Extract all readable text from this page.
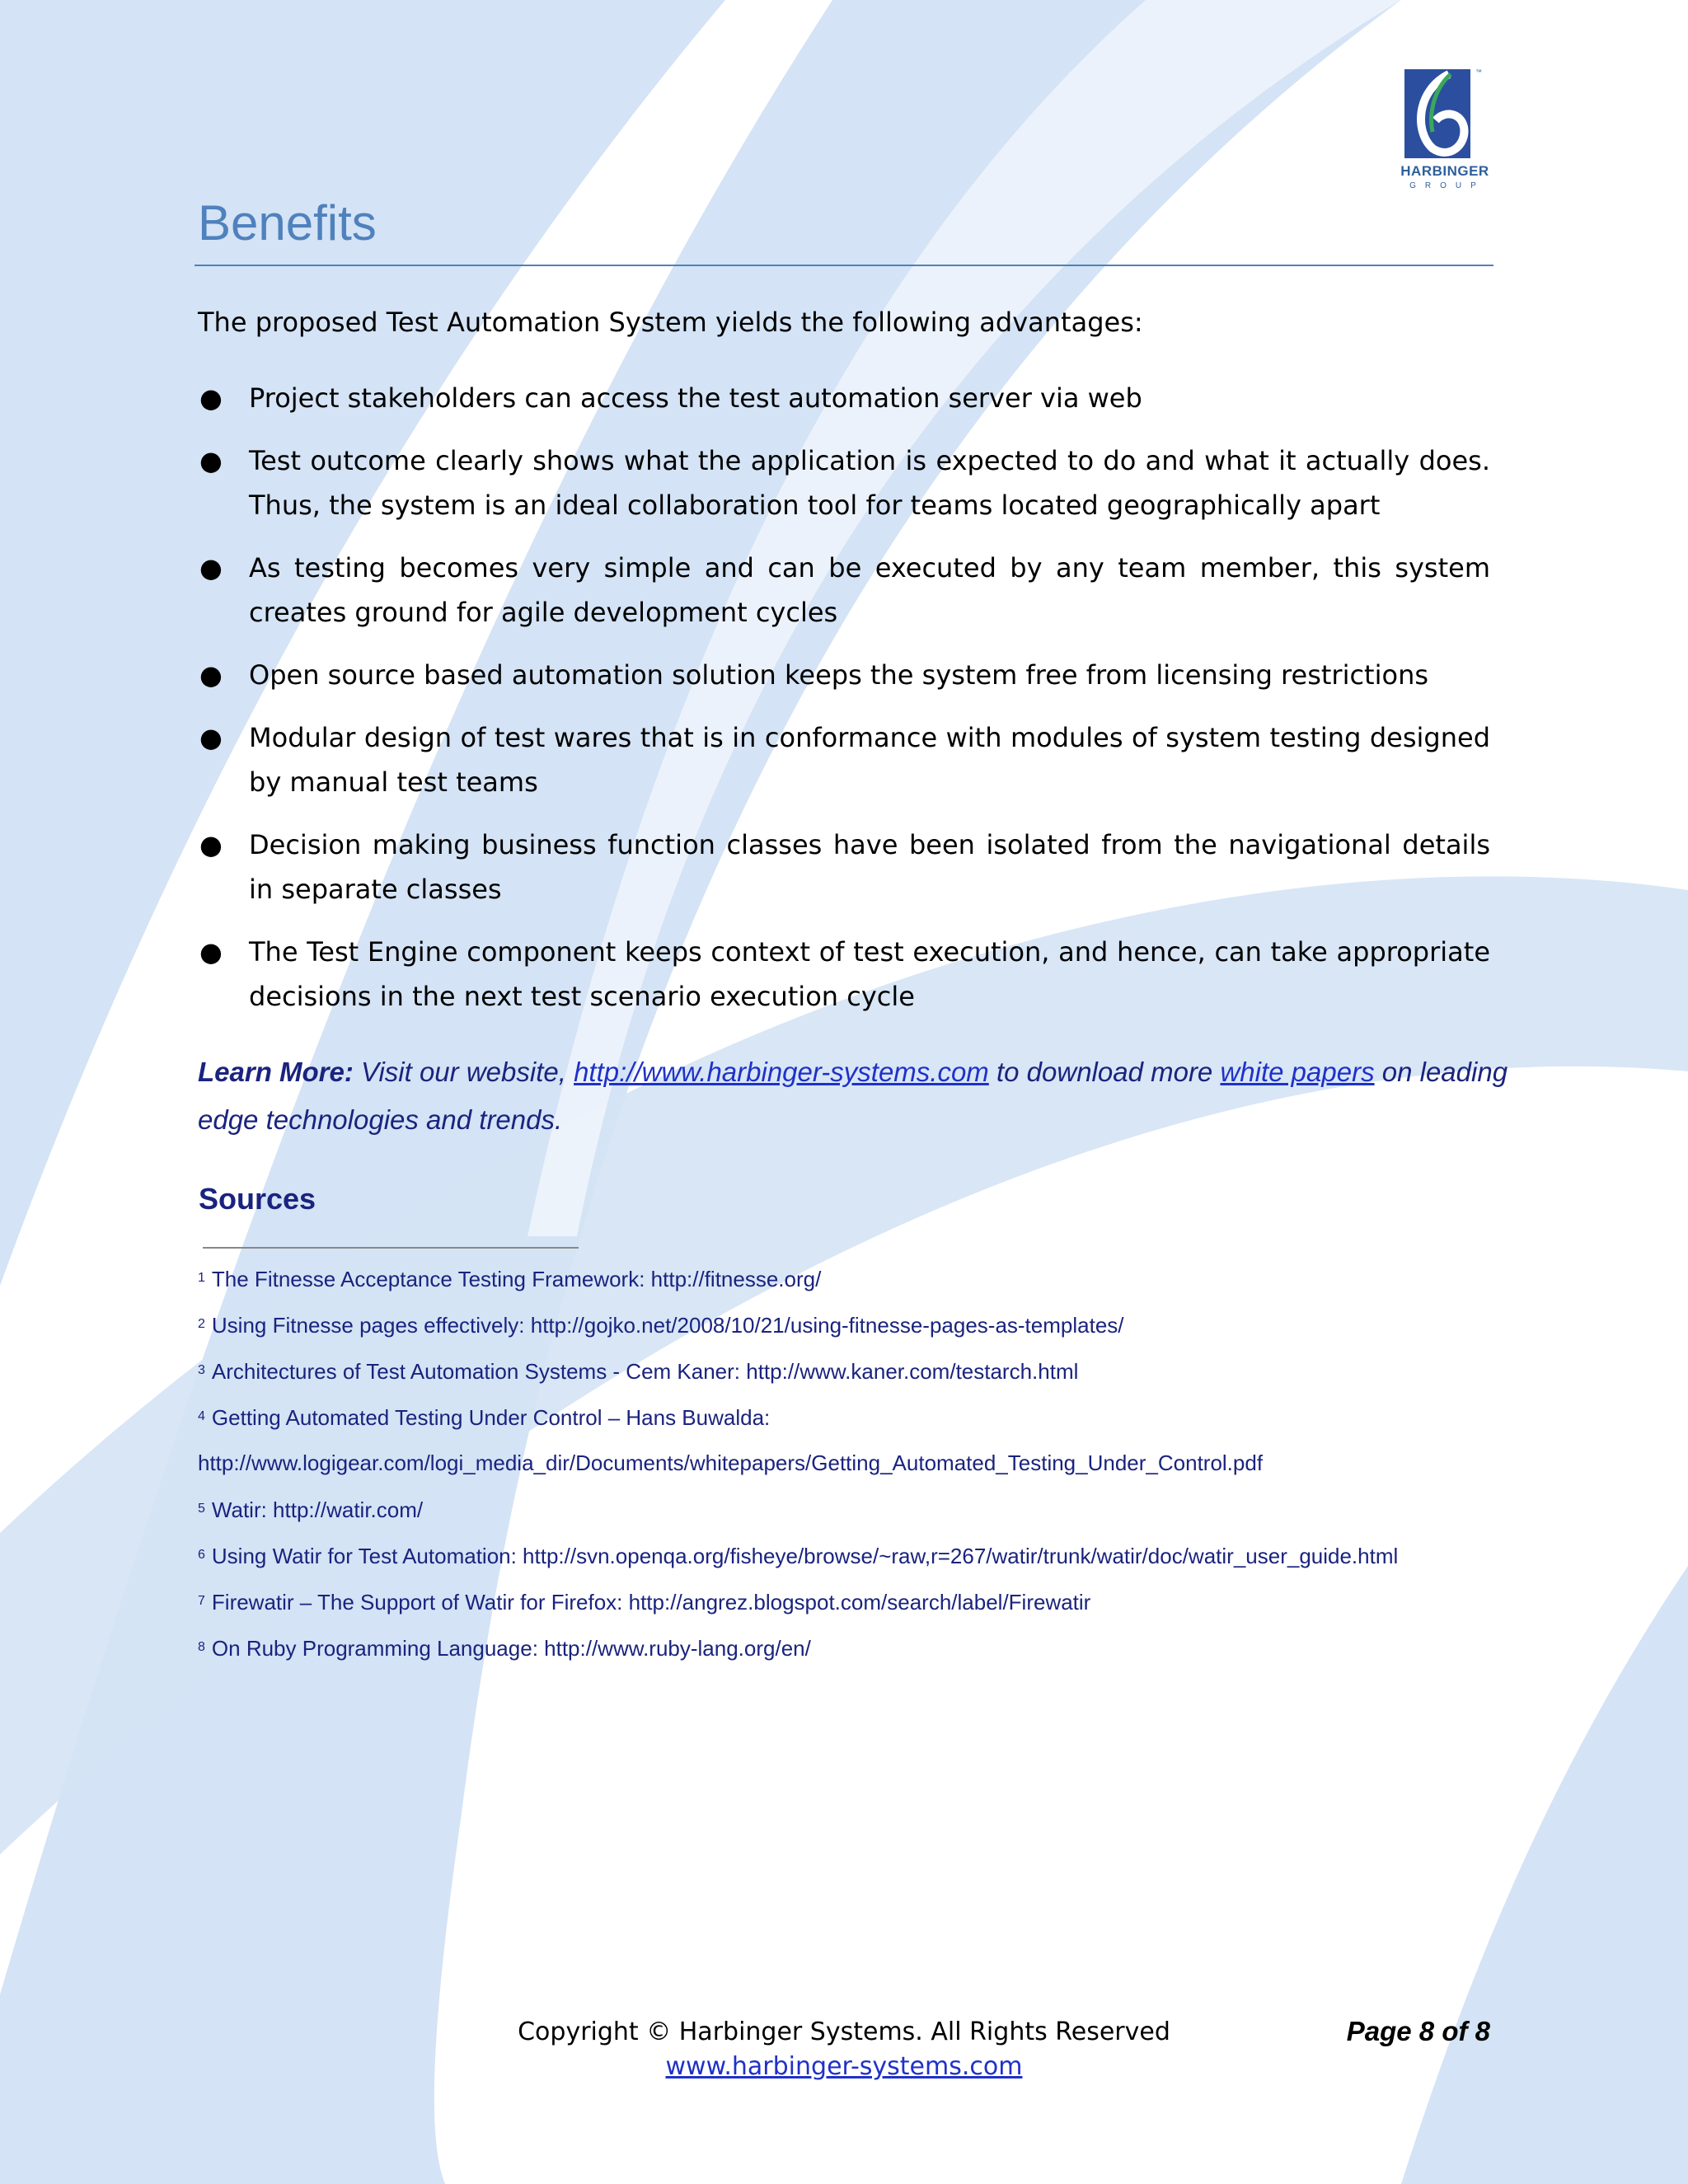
™
HARBINGER
GROUP
Benefits
The proposed Test Automation System yields the following advantages:
● Project stakeholders can access the test automation server via web
● Test outcome clearly shows what the application is expected to do and what it actually does. Thus, the system is an ideal collaboration tool for teams located geographically apart
● As testing becomes very simple and can be executed by any team member, this system creates ground for agile development cycles
● Open source based automation solution keeps the system free from licensing restrictions
● Modular design of test wares that is in conformance with modules of system testing designed by manual test teams
● Decision making business function classes have been isolated from the navigational details in separate classes
● The Test Engine component keeps context of test execution, and hence, can take appropriate decisions in the next test scenario execution cycle
Learn More: Visit our website, http://www.harbinger-systems.com to download more white papers on leading edge technologies and trends.
Sources
$^1$ The Fitnesse Acceptance Testing Framework: http://fitnesse.org/
$^2$ Using Fitnesse pages effectively: http://gojko.net/2008/10/21/using-fitnesse-pages-as-templates/
$^3$ Architectures of Test Automation Systems - Cem Kaner: http://www.kaner.com/testarch.html
$^4$ Getting Automated Testing Under Control – Hans Buwalda:
http://www.logigear.com/logi_media_dir/Documents/whitepapers/Getting_Automated_Testing_Under_Control.pdf
$^5$ Watir: http://watir.com/
$^6$ Using Watir for Test Automation: http://svn.openqa.org/fisheye/browse/~raw,r=267/watir/trunk/watir/doc/watir_user_guide.html
$^7$ Firewatir – The Support of Watir for Firefox: http://angrez.blogspot.com/search/label/Firewatir
$^8$ On Ruby Programming Language: http://www.ruby-lang.org/en/
Copyright © Harbinger Systems. All Rights Reserved
www.harbinger-systems.com
Page 8 of 8
